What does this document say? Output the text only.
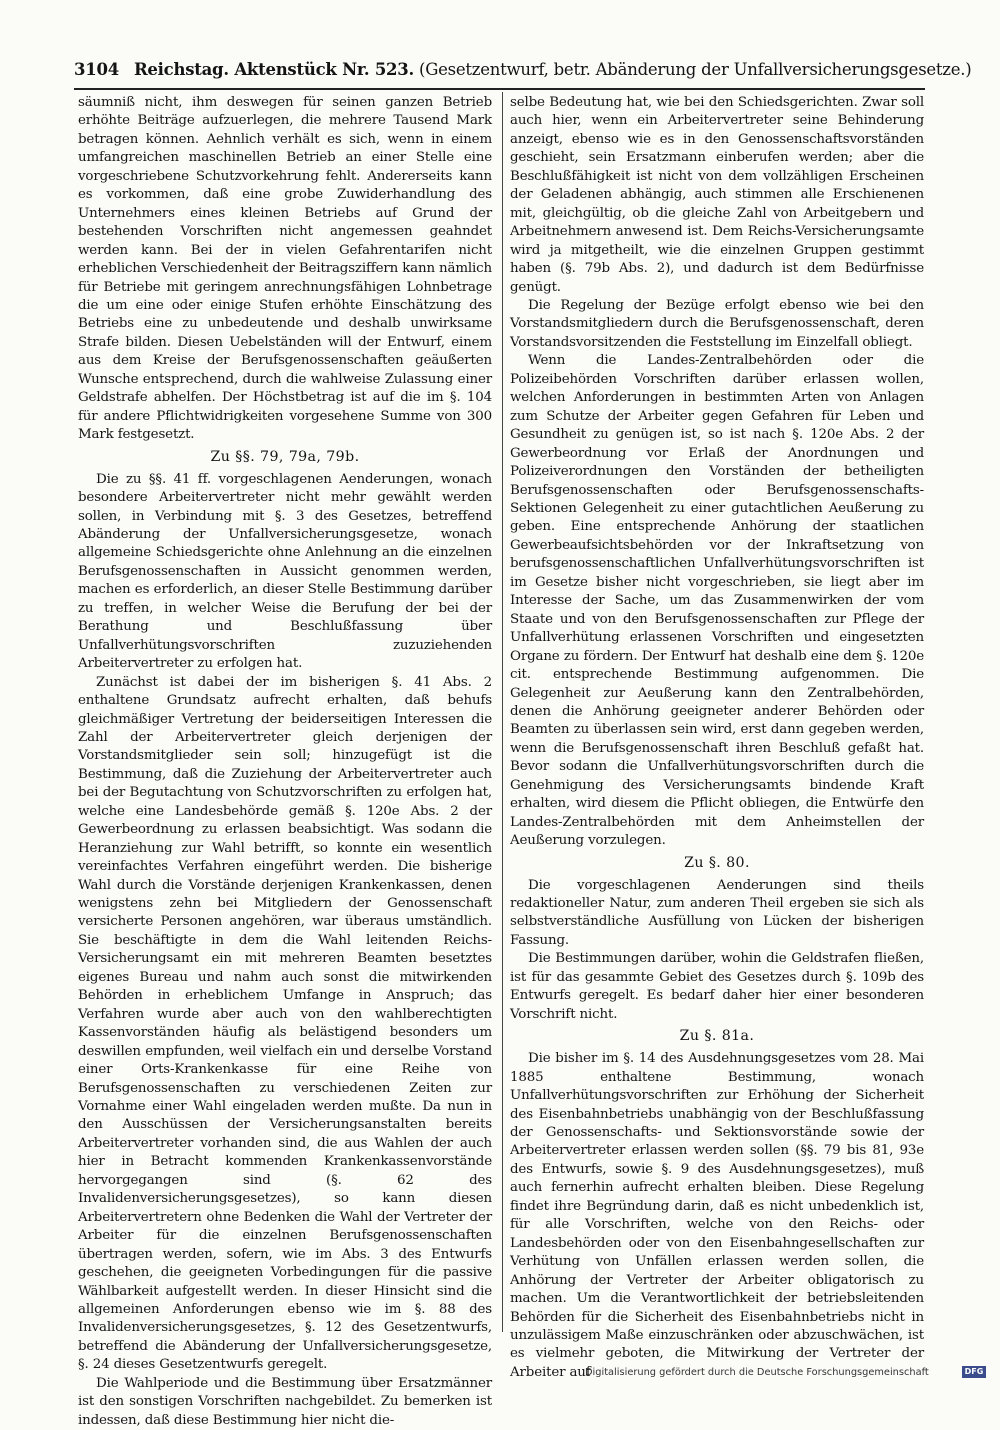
3104 Reichstag. Aktenstück Nr. 523. (Gesetzentwurf, betr. Abänderung der Unfallversicherungsgesetze.)

säumniß nicht, ihm deswegen für seinen ganzen Betrieb erhöhte Beiträge aufzuerlegen, die mehrere Tausend Mark betragen können. Aehnlich verhält es sich, wenn in einem umfangreichen maschinellen Betrieb an einer Stelle eine vorgeschriebene Schutzvorkehrung fehlt. Andererseits kann es vorkommen, daß eine grobe Zuwiderhandlung des Unternehmers eines kleinen Betriebs auf Grund der bestehenden Vorschriften nicht angemessen geahndet werden kann. Bei der in vielen Gefahrentarifen nicht erheblichen Verschiedenheit der Beitragsziffern kann nämlich für Betriebe mit geringem anrechnungsfähigen Lohnbetrage die um eine oder einige Stufen erhöhte Einschätzung des Betriebs eine zu unbedeutende und deshalb unwirksame Strafe bilden. Diesen Uebelständen will der Entwurf, einem aus dem Kreise der Berufsgenossenschaften geäußerten Wunsche entsprechend, durch die wahlweise Zulassung einer Geldstrafe abhelfen. Der Höchstbetrag ist auf die im §. 104 für andere Pflichtwidrigkeiten vorgesehene Summe von 300 Mark festgesetzt.

Zu §§. 79, 79a, 79b.

Die zu §§. 41 ff. vorgeschlagenen Aenderungen, wonach besondere Arbeitervertreter nicht mehr gewählt werden sollen, in Verbindung mit §. 3 des Gesetzes, betreffend Abänderung der Unfallversicherungsgesetze, wonach allgemeine Schiedsgerichte ohne Anlehnung an die einzelnen Berufsgenossenschaften in Aussicht genommen werden, machen es erforderlich, an dieser Stelle Bestimmung darüber zu treffen, in welcher Weise die Berufung der bei der Berathung und Beschlußfassung über Unfallverhütungsvorschriften zuzuziehenden Arbeitervertreter zu erfolgen hat.

Zunächst ist dabei der im bisherigen §. 41 Abs. 2 enthaltene Grundsatz aufrecht erhalten, daß behufs gleichmäßiger Vertretung der beiderseitigen Interessen die Zahl der Arbeitervertreter gleich derjenigen der Vorstandsmitglieder sein soll; hinzugefügt ist die Bestimmung, daß die Zuziehung der Arbeitervertreter auch bei der Begutachtung von Schutzvorschriften zu erfolgen hat, welche eine Landesbehörde gemäß §. 120e Abs. 2 der Gewerbeordnung zu erlassen beabsichtigt. Was sodann die Heranziehung zur Wahl betrifft, so konnte ein wesentlich vereinfachtes Verfahren eingeführt werden. Die bisherige Wahl durch die Vorstände derjenigen Krankenkassen, denen wenigstens zehn bei Mitgliedern der Genossenschaft versicherte Personen angehören, war überaus umständlich. Sie beschäftigte in dem die Wahl leitenden Reichs-Versicherungsamt ein mit mehreren Beamten besetztes eigenes Bureau und nahm auch sonst die mitwirkenden Behörden in erheblichem Umfange in Anspruch; das Verfahren wurde aber auch von den wahlberechtigten Kassenvorständen häufig als belästigend besonders um deswillen empfunden, weil vielfach ein und derselbe Vorstand einer Orts-Krankenkasse für eine Reihe von Berufsgenossenschaften zu verschiedenen Zeiten zur Vornahme einer Wahl eingeladen werden mußte. Da nun in den Ausschüssen der Versicherungsanstalten bereits Arbeitervertreter vorhanden sind, die aus Wahlen der auch hier in Betracht kommenden Krankenkassenvorstände hervorgegangen sind (§. 62 des Invalidenversicherungsgesetzes), so kann diesen Arbeitervertretern ohne Bedenken die Wahl der Vertreter der Arbeiter für die einzelnen Berufsgenossenschaften übertragen werden, sofern, wie im Abs. 3 des Entwurfs geschehen, die geeigneten Vorbedingungen für die passive Wählbarkeit aufgestellt werden. In dieser Hinsicht sind die allgemeinen Anforderungen ebenso wie im §. 88 des Invalidenversicherungsgesetzes, §. 12 des Gesetzentwurfs, betreffend die Abänderung der Unfallversicherungsgesetze, §. 24 dieses Gesetzentwurfs geregelt.

Die Wahlperiode und die Bestimmung über Ersatzmänner ist den sonstigen Vorschriften nachgebildet. Zu bemerken ist indessen, daß diese Bestimmung hier nicht die-

selbe Bedeutung hat, wie bei den Schiedsgerichten. Zwar soll auch hier, wenn ein Arbeitervertreter seine Behinderung anzeigt, ebenso wie es in den Genossenschaftsvorständen geschieht, sein Ersatzmann einberufen werden; aber die Beschlußfähigkeit ist nicht von dem vollzähligen Erscheinen der Geladenen abhängig, auch stimmen alle Erschienenen mit, gleichgültig, ob die gleiche Zahl von Arbeitgebern und Arbeitnehmern anwesend ist. Dem Reichs-Versicherungsamte wird ja mitgetheilt, wie die einzelnen Gruppen gestimmt haben (§. 79b Abs. 2), und dadurch ist dem Bedürfnisse genügt.

Die Regelung der Bezüge erfolgt ebenso wie bei den Vorstandsmitgliedern durch die Berufsgenossenschaft, deren Vorstandsvorsitzenden die Feststellung im Einzelfall obliegt.

Wenn die Landes-Zentralbehörden oder die Polizeibehörden Vorschriften darüber erlassen wollen, welchen Anforderungen in bestimmten Arten von Anlagen zum Schutze der Arbeiter gegen Gefahren für Leben und Gesundheit zu genügen ist, so ist nach §. 120e Abs. 2 der Gewerbeordnung vor Erlaß der Anordnungen und Polizeiverordnungen den Vorständen der betheiligten Berufsgenossenschaften oder Berufsgenossenschafts-Sektionen Gelegenheit zu einer gutachtlichen Aeußerung zu geben. Eine entsprechende Anhörung der staatlichen Gewerbeaufsichtsbehörden vor der Inkraftsetzung von berufsgenossenschaftlichen Unfallverhütungsvorschriften ist im Gesetze bisher nicht vorgeschrieben, sie liegt aber im Interesse der Sache, um das Zusammenwirken der vom Staate und von den Berufsgenossenschaften zur Pflege der Unfallverhütung erlassenen Vorschriften und eingesetzten Organe zu fördern. Der Entwurf hat deshalb eine dem §. 120e cit. entsprechende Bestimmung aufgenommen. Die Gelegenheit zur Aeußerung kann den Zentralbehörden, denen die Anhörung geeigneter anderer Behörden oder Beamten zu überlassen sein wird, erst dann gegeben werden, wenn die Berufsgenossenschaft ihren Beschluß gefaßt hat. Bevor sodann die Unfallverhütungsvorschriften durch die Genehmigung des Versicherungsamts bindende Kraft erhalten, wird diesem die Pflicht obliegen, die Entwürfe den Landes-Zentralbehörden mit dem Anheimstellen der Aeußerung vorzulegen.

Zu §. 80.

Die vorgeschlagenen Aenderungen sind theils redaktioneller Natur, zum anderen Theil ergeben sie sich als selbstverständliche Ausfüllung von Lücken der bisherigen Fassung.

Die Bestimmungen darüber, wohin die Geldstrafen fließen, ist für das gesammte Gebiet des Gesetzes durch §. 109b des Entwurfs geregelt. Es bedarf daher hier einer besonderen Vorschrift nicht.

Zu §. 81a.

Die bisher im §. 14 des Ausdehnungsgesetzes vom 28. Mai 1885 enthaltene Bestimmung, wonach Unfallverhütungsvorschriften zur Erhöhung der Sicherheit des Eisenbahnbetriebs unabhängig von der Beschlußfassung der Genossenschafts- und Sektionsvorstände sowie der Arbeitervertreter erlassen werden sollen (§§. 79 bis 81, 93e des Entwurfs, sowie §. 9 des Ausdehnungsgesetzes), muß auch fernerhin aufrecht erhalten bleiben. Diese Regelung findet ihre Begründung darin, daß es nicht unbedenklich ist, für alle Vorschriften, welche von den Reichs- oder Landesbehörden oder von den Eisenbahngesellschaften zur Verhütung von Unfällen erlassen werden sollen, die Anhörung der Vertreter der Arbeiter obligatorisch zu machen. Um die Verantwortlichkeit der betriebsleitenden Behörden für die Sicherheit des Eisenbahnbetriebs nicht in unzulässigem Maße einzuschränken oder abzuschwächen, ist es vielmehr geboten, die Mitwirkung der Vertreter der Arbeiter auf

Digitalisierung gefördert durch die Deutsche Forschungsgemeinschaft	DFG
